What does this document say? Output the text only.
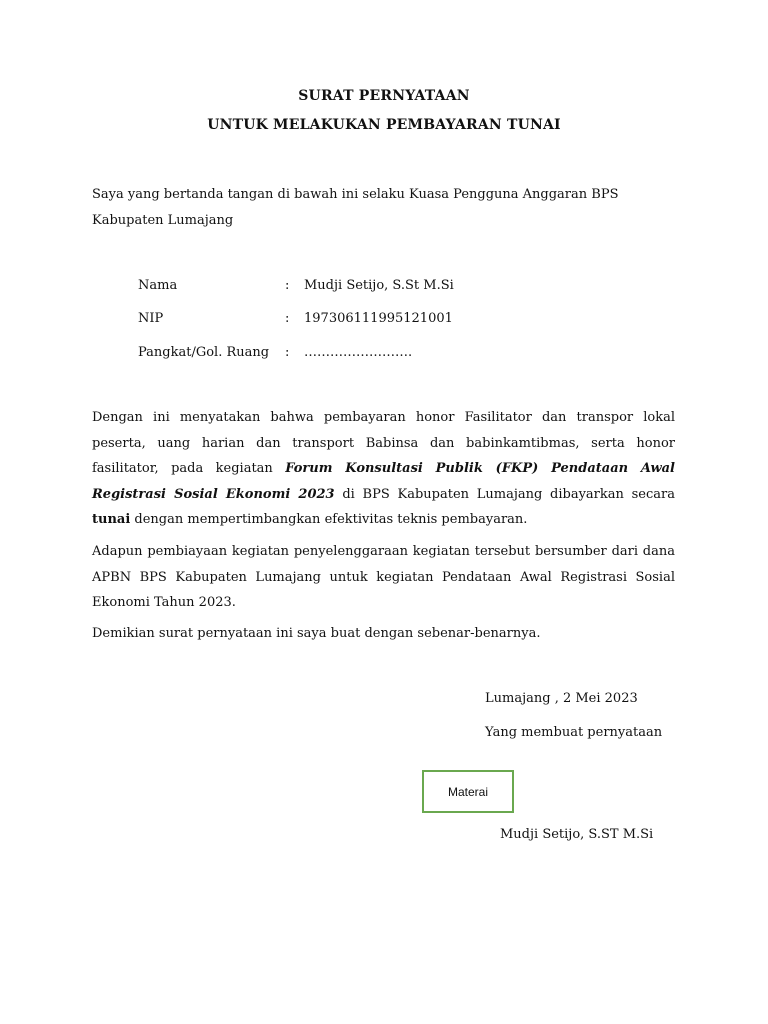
SURAT PERNYATAAN
UNTUK MELAKUKAN PEMBAYARAN TUNAI
Saya yang bertanda tangan di bawah ini selaku Kuasa Pengguna Anggaran BPS Kabupaten Lumajang
Nama	: Mudji Setijo, S.St M.Si
NIP	: 197306111995121001
Pangkat/Gol. Ruang : …………………….
Dengan ini menyatakan bahwa pembayaran honor Fasilitator dan transpor lokal peserta, uang harian dan transport Babinsa dan babinkamtibmas, serta honor fasilitator, pada kegiatan Forum Konsultasi Publik (FKP) Pendataan Awal Registrasi Sosial Ekonomi 2023 di BPS Kabupaten Lumajang dibayarkan secara tunai dengan mempertimbangkan efektivitas teknis pembayaran.
Adapun pembiayaan kegiatan penyelenggaraan kegiatan tersebut bersumber dari dana APBN BPS Kabupaten Lumajang untuk kegiatan Pendataan Awal Registrasi Sosial Ekonomi Tahun 2023.
Demikian surat pernyataan ini saya buat dengan sebenar-benarnya.
Lumajang , 2 Mei 2023
Yang membuat pernyataan
Materai
Mudji Setijo, S.ST M.Si
